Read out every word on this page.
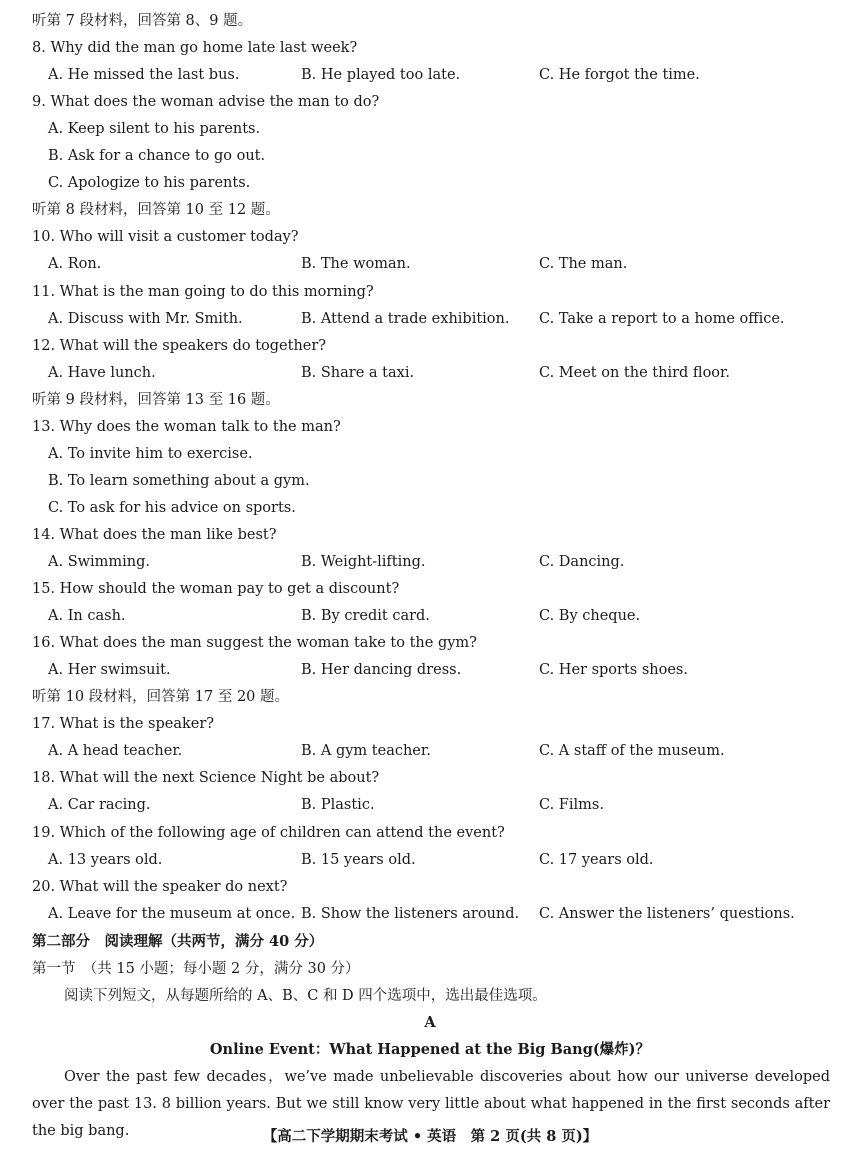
听第 7 段材料，回答第 8、9 题。
8. Why did the man go home late last week?
A. He missed the last bus.	B. He played too late.	C. He forgot the time.
9. What does the woman advise the man to do?
A. Keep silent to his parents.
B. Ask for a chance to go out.
C. Apologize to his parents.
听第 8 段材料，回答第 10 至 12 题。
10. Who will visit a customer today?
A. Ron.	B. The woman.	C. The man.
11. What is the man going to do this morning?
A. Discuss with Mr. Smith.	B. Attend a trade exhibition. C. Take a report to a home office.
12. What will the speakers do together?
A. Have lunch.	B. Share a taxi.	C. Meet on the third floor.
听第 9 段材料，回答第 13 至 16 题。
13. Why does the woman talk to the man?
A. To invite him to exercise.
B. To learn something about a gym.
C. To ask for his advice on sports.
14. What does the man like best?
A. Swimming.	B. Weight-lifting.	C. Dancing.
15. How should the woman pay to get a discount?
A. In cash.	B. By credit card.	C. By cheque.
16. What does the man suggest the woman take to the gym?
A. Her swimsuit.	B. Her dancing dress.	C. Her sports shoes.
听第 10 段材料，回答第 17 至 20 题。
17. What is the speaker?
A. A head teacher.	B. A gym teacher.	C. A staff of the museum.
18. What will the next Science Night be about?
A. Car racing.	B. Plastic.	C. Films.
19. Which of the following age of children can attend the event?
A. 13 years old.	B. 15 years old.	C. 17 years old.
20. What will the speaker do next?
A. Leave for the museum at once. B. Show the listeners around. C. Answer the listeners’ questions.
第二部分　阅读理解（共两节，满分 40 分）
第一节　（共 15 小题；每小题 2 分，满分 30 分）
阅读下列短文，从每题所给的 A、B、C 和 D 四个选项中，选出最佳选项。
A
Online Event：What Happened at the Big Bang(爆炸)？
Over the past few decades，we’ve made unbelievable discoveries about how our universe developed over the past 13. 8 billion years. But we still know very little about what happened in the first seconds after the big bang.	【高二下学期期末考试 • 英语　第 2 页(共 8 页)】
